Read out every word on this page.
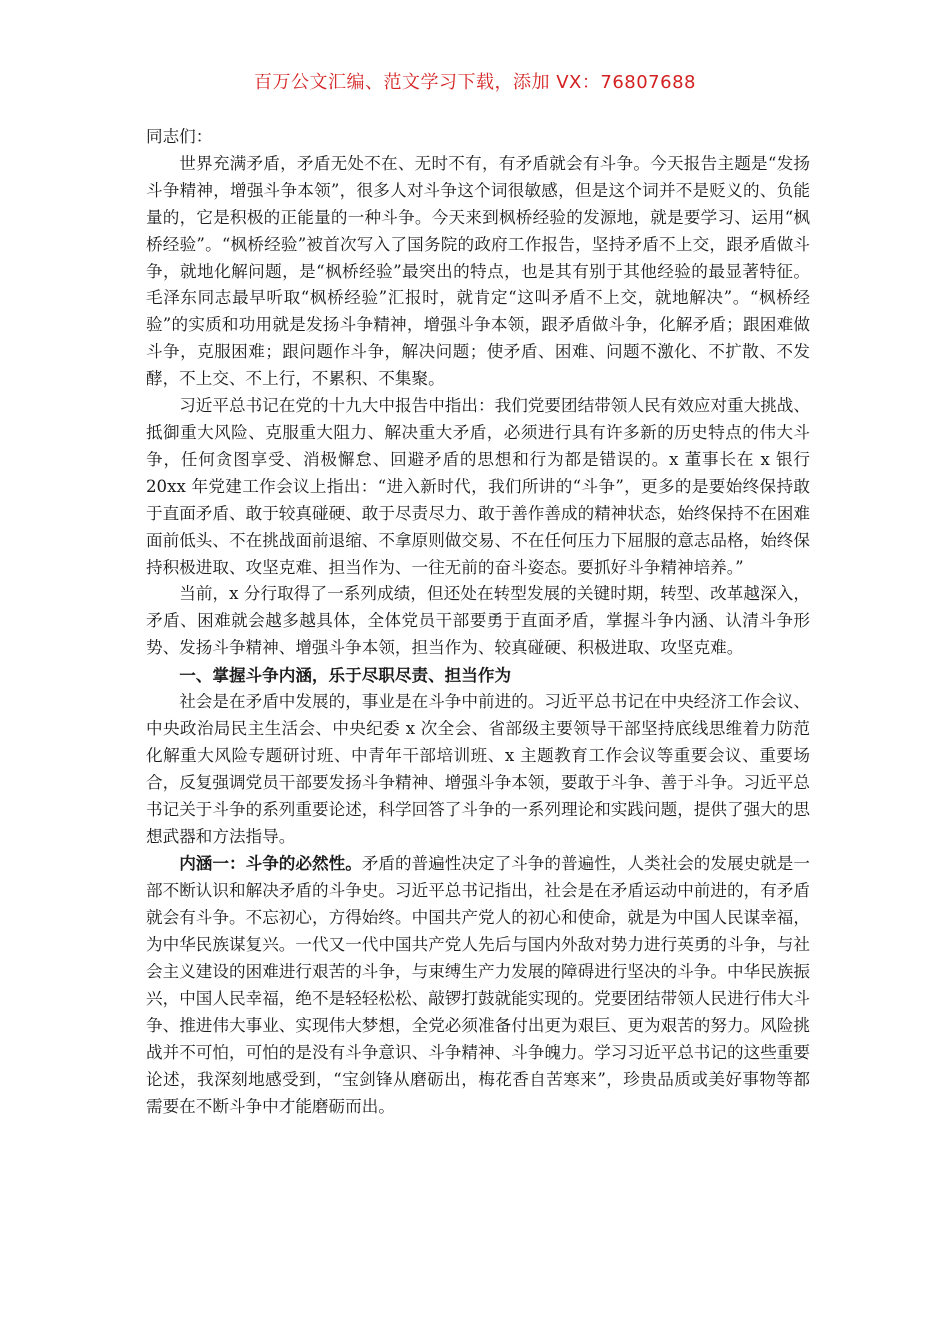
百万公文汇编、范文学习下载，添加 VX：76807688

同志们：

世界充满矛盾，矛盾无处不在、无时不有，有矛盾就会有斗争。今天报告主题是“发扬斗争精神，增强斗争本领”，很多人对斗争这个词很敏感，但是这个词并不是贬义的、负能量的，它是积极的正能量的一种斗争。今天来到枫桥经验的发源地，就是要学习、运用“枫桥经验”。“枫桥经验”被首次写入了国务院的政府工作报告，坚持矛盾不上交，跟矛盾做斗争，就地化解问题，是“枫桥经验”最突出的特点，也是其有别于其他经验的最显著特征。毛泽东同志最早听取“枫桥经验”汇报时，就肯定“这叫矛盾不上交，就地解决”。“枫桥经验”的实质和功用就是发扬斗争精神，增强斗争本领，跟矛盾做斗争，化解矛盾；跟困难做斗争，克服困难；跟问题作斗争，解决问题；使矛盾、困难、问题不激化、不扩散、不发酵，不上交、不上行，不累积、不集聚。

习近平总书记在党的十九大中报告中指出：我们党要团结带领人民有效应对重大挑战、抵御重大风险、克服重大阻力、解决重大矛盾，必须进行具有许多新的历史特点的伟大斗争，任何贪图享受、消极懈怠、回避矛盾的思想和行为都是错误的。x 董事长在 x 银行 20xx 年党建工作会议上指出：“进入新时代，我们所讲的“斗争”，更多的是要始终保持敢于直面矛盾、敢于较真碰硬、敢于尽责尽力、敢于善作善成的精神状态，始终保持不在困难面前低头、不在挑战面前退缩、不拿原则做交易、不在任何压力下屈服的意志品格，始终保持积极进取、攻坚克难、担当作为、一往无前的奋斗姿态。要抓好斗争精神培养。”

当前，x 分行取得了一系列成绩，但还处在转型发展的关键时期，转型、改革越深入，矛盾、困难就会越多越具体，全体党员干部要勇于直面矛盾，掌握斗争内涵、认清斗争形势、发扬斗争精神、增强斗争本领，担当作为、较真碰硬、积极进取、攻坚克难。

一、掌握斗争内涵，乐于尽职尽责、担当作为

社会是在矛盾中发展的，事业是在斗争中前进的。习近平总书记在中央经济工作会议、中央政治局民主生活会、中央纪委 x 次全会、省部级主要领导干部坚持底线思维着力防范化解重大风险专题研讨班、中青年干部培训班、x 主题教育工作会议等重要会议、重要场合，反复强调党员干部要发扬斗争精神、增强斗争本领，要敢于斗争、善于斗争。习近平总书记关于斗争的系列重要论述，科学回答了斗争的一系列理论和实践问题，提供了强大的思想武器和方法指导。

内涵一：斗争的必然性。矛盾的普遍性决定了斗争的普遍性，人类社会的发展史就是一部不断认识和解决矛盾的斗争史。习近平总书记指出，社会是在矛盾运动中前进的，有矛盾就会有斗争。不忘初心，方得始终。中国共产党人的初心和使命，就是为中国人民谋幸福，为中华民族谋复兴。一代又一代中国共产党人先后与国内外敌对势力进行英勇的斗争，与社会主义建设的困难进行艰苦的斗争，与束缚生产力发展的障碍进行坚决的斗争。中华民族振兴，中国人民幸福，绝不是轻轻松松、敲锣打鼓就能实现的。党要团结带领人民进行伟大斗争、推进伟大事业、实现伟大梦想，全党必须准备付出更为艰巨、更为艰苦的努力。风险挑战并不可怕，可怕的是没有斗争意识、斗争精神、斗争魄力。学习习近平总书记的这些重要论述，我深刻地感受到，“宝剑锋从磨砺出，梅花香自苦寒来”，珍贵品质或美好事物等都需要在不断斗争中才能磨砺而出。
